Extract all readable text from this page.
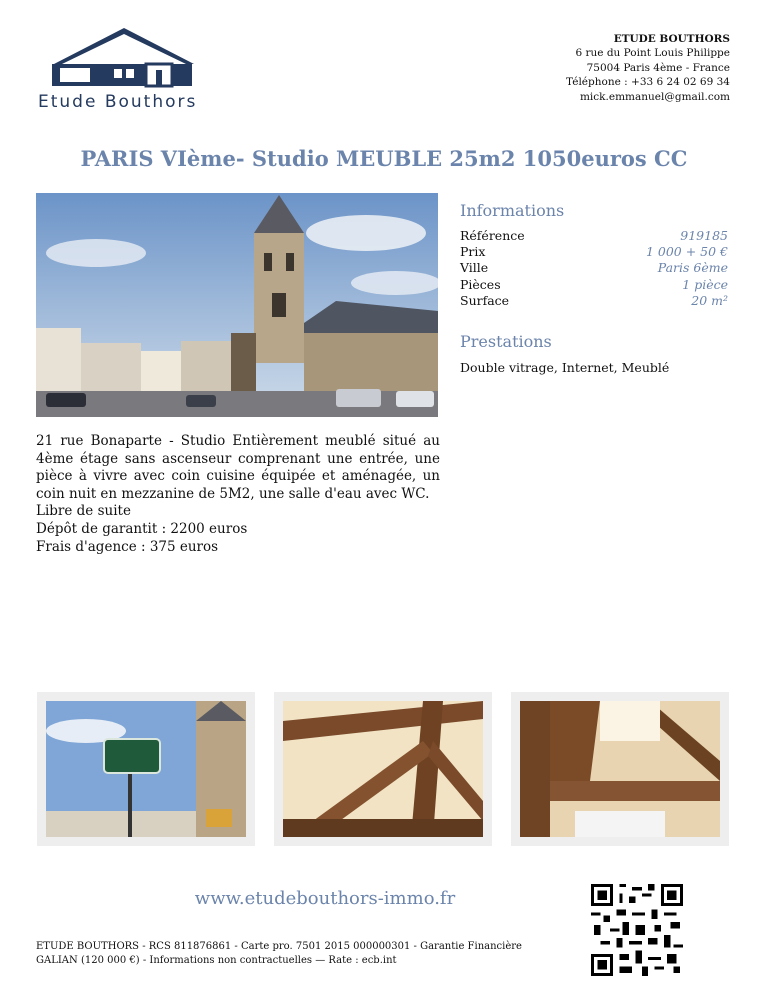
Etude Bouthors
ETUDE BOUTHORS
6 rue du Point Louis Philippe
75004 Paris 4ème - France
Téléphone : +33 6 24 02 69 34
mick.emmanuel@gmail.com
PARIS VIème- Studio MEUBLE 25m2 1050euros CC
Informations
Référence	919185
Prix	1 000 + 50 €
Ville	Paris 6ème
Pièces	1 pièce
Surface	20 m²
Prestations
Double vitrage, Internet, Meublé
21 rue Bonaparte - Studio Entièrement meublé situé au 4ème étage sans ascenseur comprenant une entrée, une pièce à vivre avec coin cuisine équipée et aménagée, un coin nuit en mezzanine de 5M2, une salle d'eau avec WC.
Libre de suite
Dépôt de garantit : 2200 euros
Frais d'agence : 375 euros
www.etudebouthors-immo.fr
ETUDE BOUTHORS - RCS 811876861 - Carte pro. 7501 2015 000000301 - Garantie Financière
GALIAN (120 000 €) - Informations non contractuelles — Rate : ecb.int
